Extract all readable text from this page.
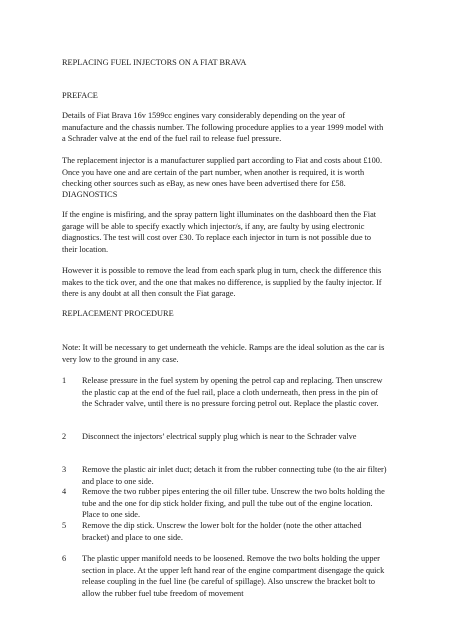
REPLACING FUEL INJECTORS ON A FIAT BRAVA

PREFACE

Details of Fiat Brava 16v 1599cc engines vary considerably depending on the year of manufacture and the chassis number. The following procedure applies to a year 1999 model with a Schrader valve at the end of the fuel rail to release fuel pressure.

The replacement injector is a manufacturer supplied part according to Fiat and costs about £100. Once you have one and are certain of the part number, when another is required, it is worth checking other sources such as eBay, as new ones have been advertised there for £58.

DIAGNOSTICS

If the engine is misfiring, and the spray pattern light illuminates on the dashboard then the Fiat garage will be able to specify exactly which injector/s, if any, are faulty by using electronic diagnostics. The test will cost over £30. To replace each injector in turn is not possible due to their location.

However it is possible to remove the lead from each spark plug in turn, check the difference this makes to the tick over, and the one that makes no difference, is supplied by the faulty injector. If there is any doubt at all then consult the Fiat garage.

REPLACEMENT PROCEDURE

Note: It will be necessary to get underneath the vehicle. Ramps are the ideal solution as the car is very low to the ground in any case.

1	Release pressure in the fuel system by opening the petrol cap and replacing. Then unscrew the plastic cap at the end of the fuel rail, place a cloth underneath, then press in the pin of the Schrader valve, until there is no pressure forcing petrol out. Replace the plastic cover.

2	Disconnect the injectors’ electrical supply plug which is near to the Schrader valve

3	Remove the plastic air inlet duct; detach it from the rubber connecting tube (to the air filter) and place to one side.

4	Remove the two rubber pipes entering the oil filler tube. Unscrew the two bolts holding the tube and the one for dip stick holder fixing, and pull the tube out of the engine location. Place to one side.

5	Remove the dip stick. Unscrew the lower bolt for the holder (note the other attached bracket) and place to one side.

6	The plastic upper manifold needs to be loosened. Remove the two bolts holding the upper section in place. At the upper left hand rear of the engine compartment disengage the quick release coupling in the fuel line (be careful of spillage). Also unscrew the bracket bolt to allow the rubber fuel tube freedom of movement
